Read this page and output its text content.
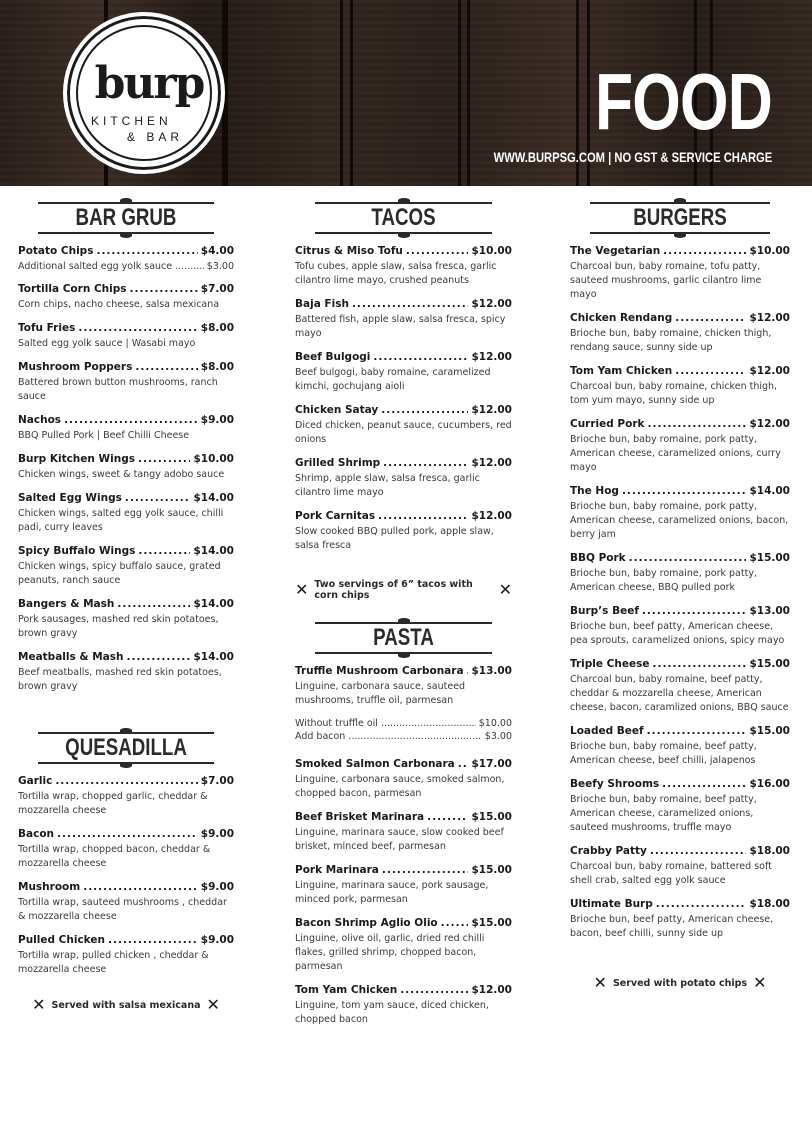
burp
KITCHEN
& BAR	FOOD
WWW.BURPSG.COM | NO GST & SERVICE CHARGE
BAR GRUB
Potato Chips .....	$4.00
Additional salted egg yolk sauce .....	$3.00
Tortilla Corn Chips .....	$7.00
Corn chips, nacho cheese, salsa mexicana
Tofu Fries .....	$8.00
Salted egg yolk sauce | Wasabi mayo
Mushroom Poppers .....	$8.00
Battered brown button mushrooms, ranch sauce
Nachos .....	$9.00
BBQ Pulled Pork | Beef Chilli Cheese
Burp Kitchen Wings .....	$10.00
Chicken wings, sweet & tangy adobo sauce
Salted Egg Wings .....	$14.00
Chicken wings, salted egg yolk sauce, chilli padi, curry leaves
Spicy Buffalo Wings .....	$14.00
Chicken wings, spicy buffalo sauce, grated peanuts, ranch sauce
Bangers & Mash .....	$14.00
Pork sausages, mashed red skin potatoes, brown gravy
Meatballs & Mash .....	$14.00
Beef meatballs, mashed red skin potatoes, brown gravy
QUESADILLA
Garlic .....	$7.00
Tortilla wrap, chopped garlic, cheddar & mozzarella cheese
Bacon .....	$9.00
Tortilla wrap, chopped bacon, cheddar & mozzarella cheese
Mushroom .....	$9.00
Tortilla wrap, sauteed mushrooms , cheddar & mozzarella cheese
Pulled Chicken .....	$9.00
Tortilla wrap, pulled chicken , cheddar & mozzarella cheese
✕ Served with salsa mexicana ✕
TACOS
Citrus & Miso Tofu .....	$10.00
Tofu cubes, apple slaw, salsa fresca, garlic cilantro lime mayo, crushed peanuts
Baja Fish .....	$12.00
Battered fish, apple slaw, salsa fresca, spicy mayo
Beef Bulgogi .....	$12.00
Beef bulgogi, baby romaine, caramelized kimchi, gochujang aioli
Chicken Satay .....	$12.00
Diced chicken, peanut sauce, cucumbers, red onions
Grilled Shrimp .....	$12.00
Shrimp, apple slaw, salsa fresca, garlic cilantro lime mayo
Pork Carnitas .....	$12.00
Slow cooked BBQ pulled pork, apple slaw, salsa fresca
✕ Two servings of 6” tacos with corn chips	✕
PASTA
Truffle Mushroom Carbonara ..... $13.00
Linguine, carbonara sauce, sauteed mushrooms, truffle oil, parmesan
Without truffle oil .....	$10.00
Add bacon .....	$3.00
Smoked Salmon Carbonara ..... $17.00
Linguine, carbonara sauce, smoked salmon, chopped bacon, parmesan
Beef Brisket Marinara .....	$15.00
Linguine, marinara sauce, slow cooked beef brisket, minced beef, parmesan
Pork Marinara .....	$15.00
Linguine, marinara sauce, pork sausage, minced pork, parmesan
Bacon Shrimp Aglio Olio .....	$15.00
Linguine, olive oil, garlic, dried red chilli flakes, grilled shrimp, chopped bacon, parmesan
Tom Yam Chicken .....	$12.00
Linguine, tom yam sauce, diced chicken, chopped bacon
BURGERS
The Vegetarian .....	$10.00
Charcoal bun, baby romaine, tofu patty, sauteed mushrooms, garlic cilantro lime mayo
Chicken Rendang .....	$12.00
Brioche bun, baby romaine, chicken thigh, rendang sauce, sunny side up
Tom Yam Chicken .....	$12.00
Charcoal bun, baby romaine, chicken thigh, tom yum mayo, sunny side up
Curried Pork .....	$12.00
Brioche bun, baby romaine, pork patty, American cheese, caramelized onions, curry mayo
The Hog .....	$14.00
Brioche bun, baby romaine, pork patty, American cheese, caramelized onions, bacon, berry jam
BBQ Pork .....	$15.00
Brioche bun, baby romaine, pork patty, American cheese, BBQ pulled pork
Burp’s Beef .....	$13.00
Brioche bun, beef patty, American cheese, pea sprouts, caramelized onions, spicy mayo
Triple Cheese .....	$15.00
Charcoal bun, baby romaine, beef patty, cheddar & mozzarella cheese, American cheese, bacon, caramlized onions, BBQ sauce
Loaded Beef .....	$15.00
Brioche bun, baby romaine, beef patty, American cheese, beef chilli, jalapenos
Beefy Shrooms .....	$16.00
Brioche bun, baby romaine, beef patty, American cheese, caramelized onions, sauteed mushrooms, truffle mayo
Crabby Patty .....	$18.00
Charcoal bun, baby romaine, battered soft shell crab, salted egg yolk sauce
Ultimate Burp .....	$18.00
Brioche bun, beef patty, American cheese, bacon, beef chilli, sunny side up
✕ Served with potato chips ✕
